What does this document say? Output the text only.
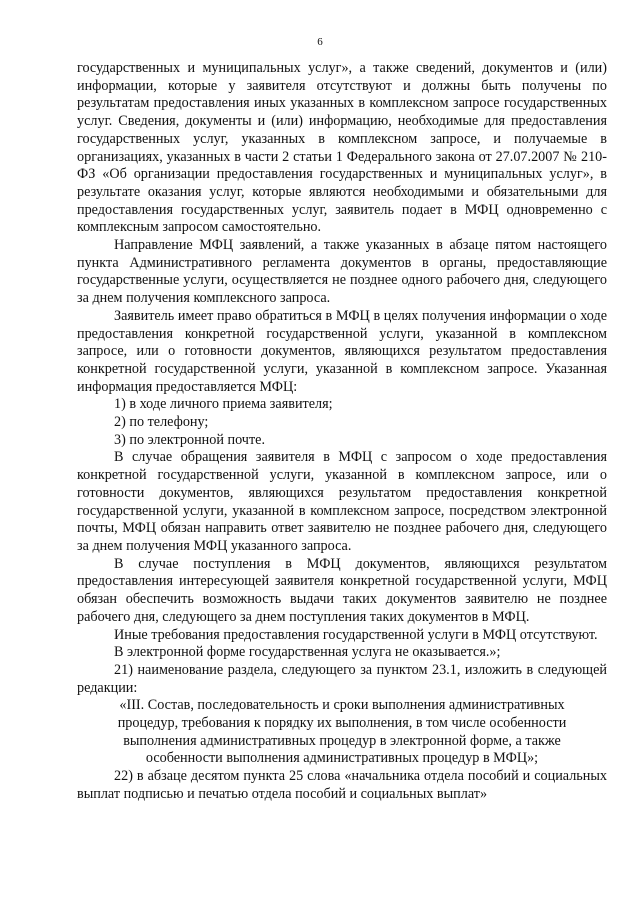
6

государственных и муниципальных услуг», а также сведений, документов и (или) информации, которые у заявителя отсутствуют и должны быть получены по результатам предоставления иных указанных в комплексном запросе государственных услуг. Сведения, документы и (или) информацию, необходимые для предоставления государственных услуг, указанных в комплексном запросе, и получаемые в организациях, указанных в части 2 статьи 1 Федерального закона от 27.07.2007 № 210-ФЗ «Об организации предоставления государственных и муниципальных услуг», в результате оказания услуг, которые являются необходимыми и обязательными для предоставления государственных услуг, заявитель подает в МФЦ одновременно с комплексным запросом самостоятельно.

Направление МФЦ заявлений, а также указанных в абзаце пятом настоящего пункта Административного регламента документов в органы, предоставляющие государственные услуги, осуществляется не позднее одного рабочего дня, следующего за днем получения комплексного запроса.

Заявитель имеет право обратиться в МФЦ в целях получения информации о ходе предоставления конкретной государственной услуги, указанной в комплексном запросе, или о готовности документов, являющихся результатом предоставления конкретной государственной услуги, указанной в комплексном запросе. Указанная информация предоставляется МФЦ:

1) в ходе личного приема заявителя;

2) по телефону;

3) по электронной почте.

В случае обращения заявителя в МФЦ с запросом о ходе предоставления конкретной государственной услуги, указанной в комплексном запросе, или о готовности документов, являющихся результатом предоставления конкретной государственной услуги, указанной в комплексном запросе, посредством электронной почты, МФЦ обязан направить ответ заявителю не позднее рабочего дня, следующего за днем получения МФЦ указанного запроса.

В случае поступления в МФЦ документов, являющихся результатом предоставления интересующей заявителя конкретной государственной услуги, МФЦ обязан обеспечить возможность выдачи таких документов заявителю не позднее рабочего дня, следующего за днем поступления таких документов в МФЦ.

Иные требования предоставления государственной услуги в МФЦ отсутствуют.

В электронной форме государственная услуга не оказывается.»;

21) наименование раздела, следующего за пунктом 23.1, изложить в следующей редакции:

«III. Состав, последовательность и сроки выполнения административных процедур, требования к порядку их выполнения, в том числе особенности выполнения административных процедур в электронной форме, а также особенности выполнения административных процедур в МФЦ»;

22) в абзаце десятом пункта 25 слова «начальника отдела пособий и социальных выплат подписью и печатью отдела пособий и социальных выплат»
